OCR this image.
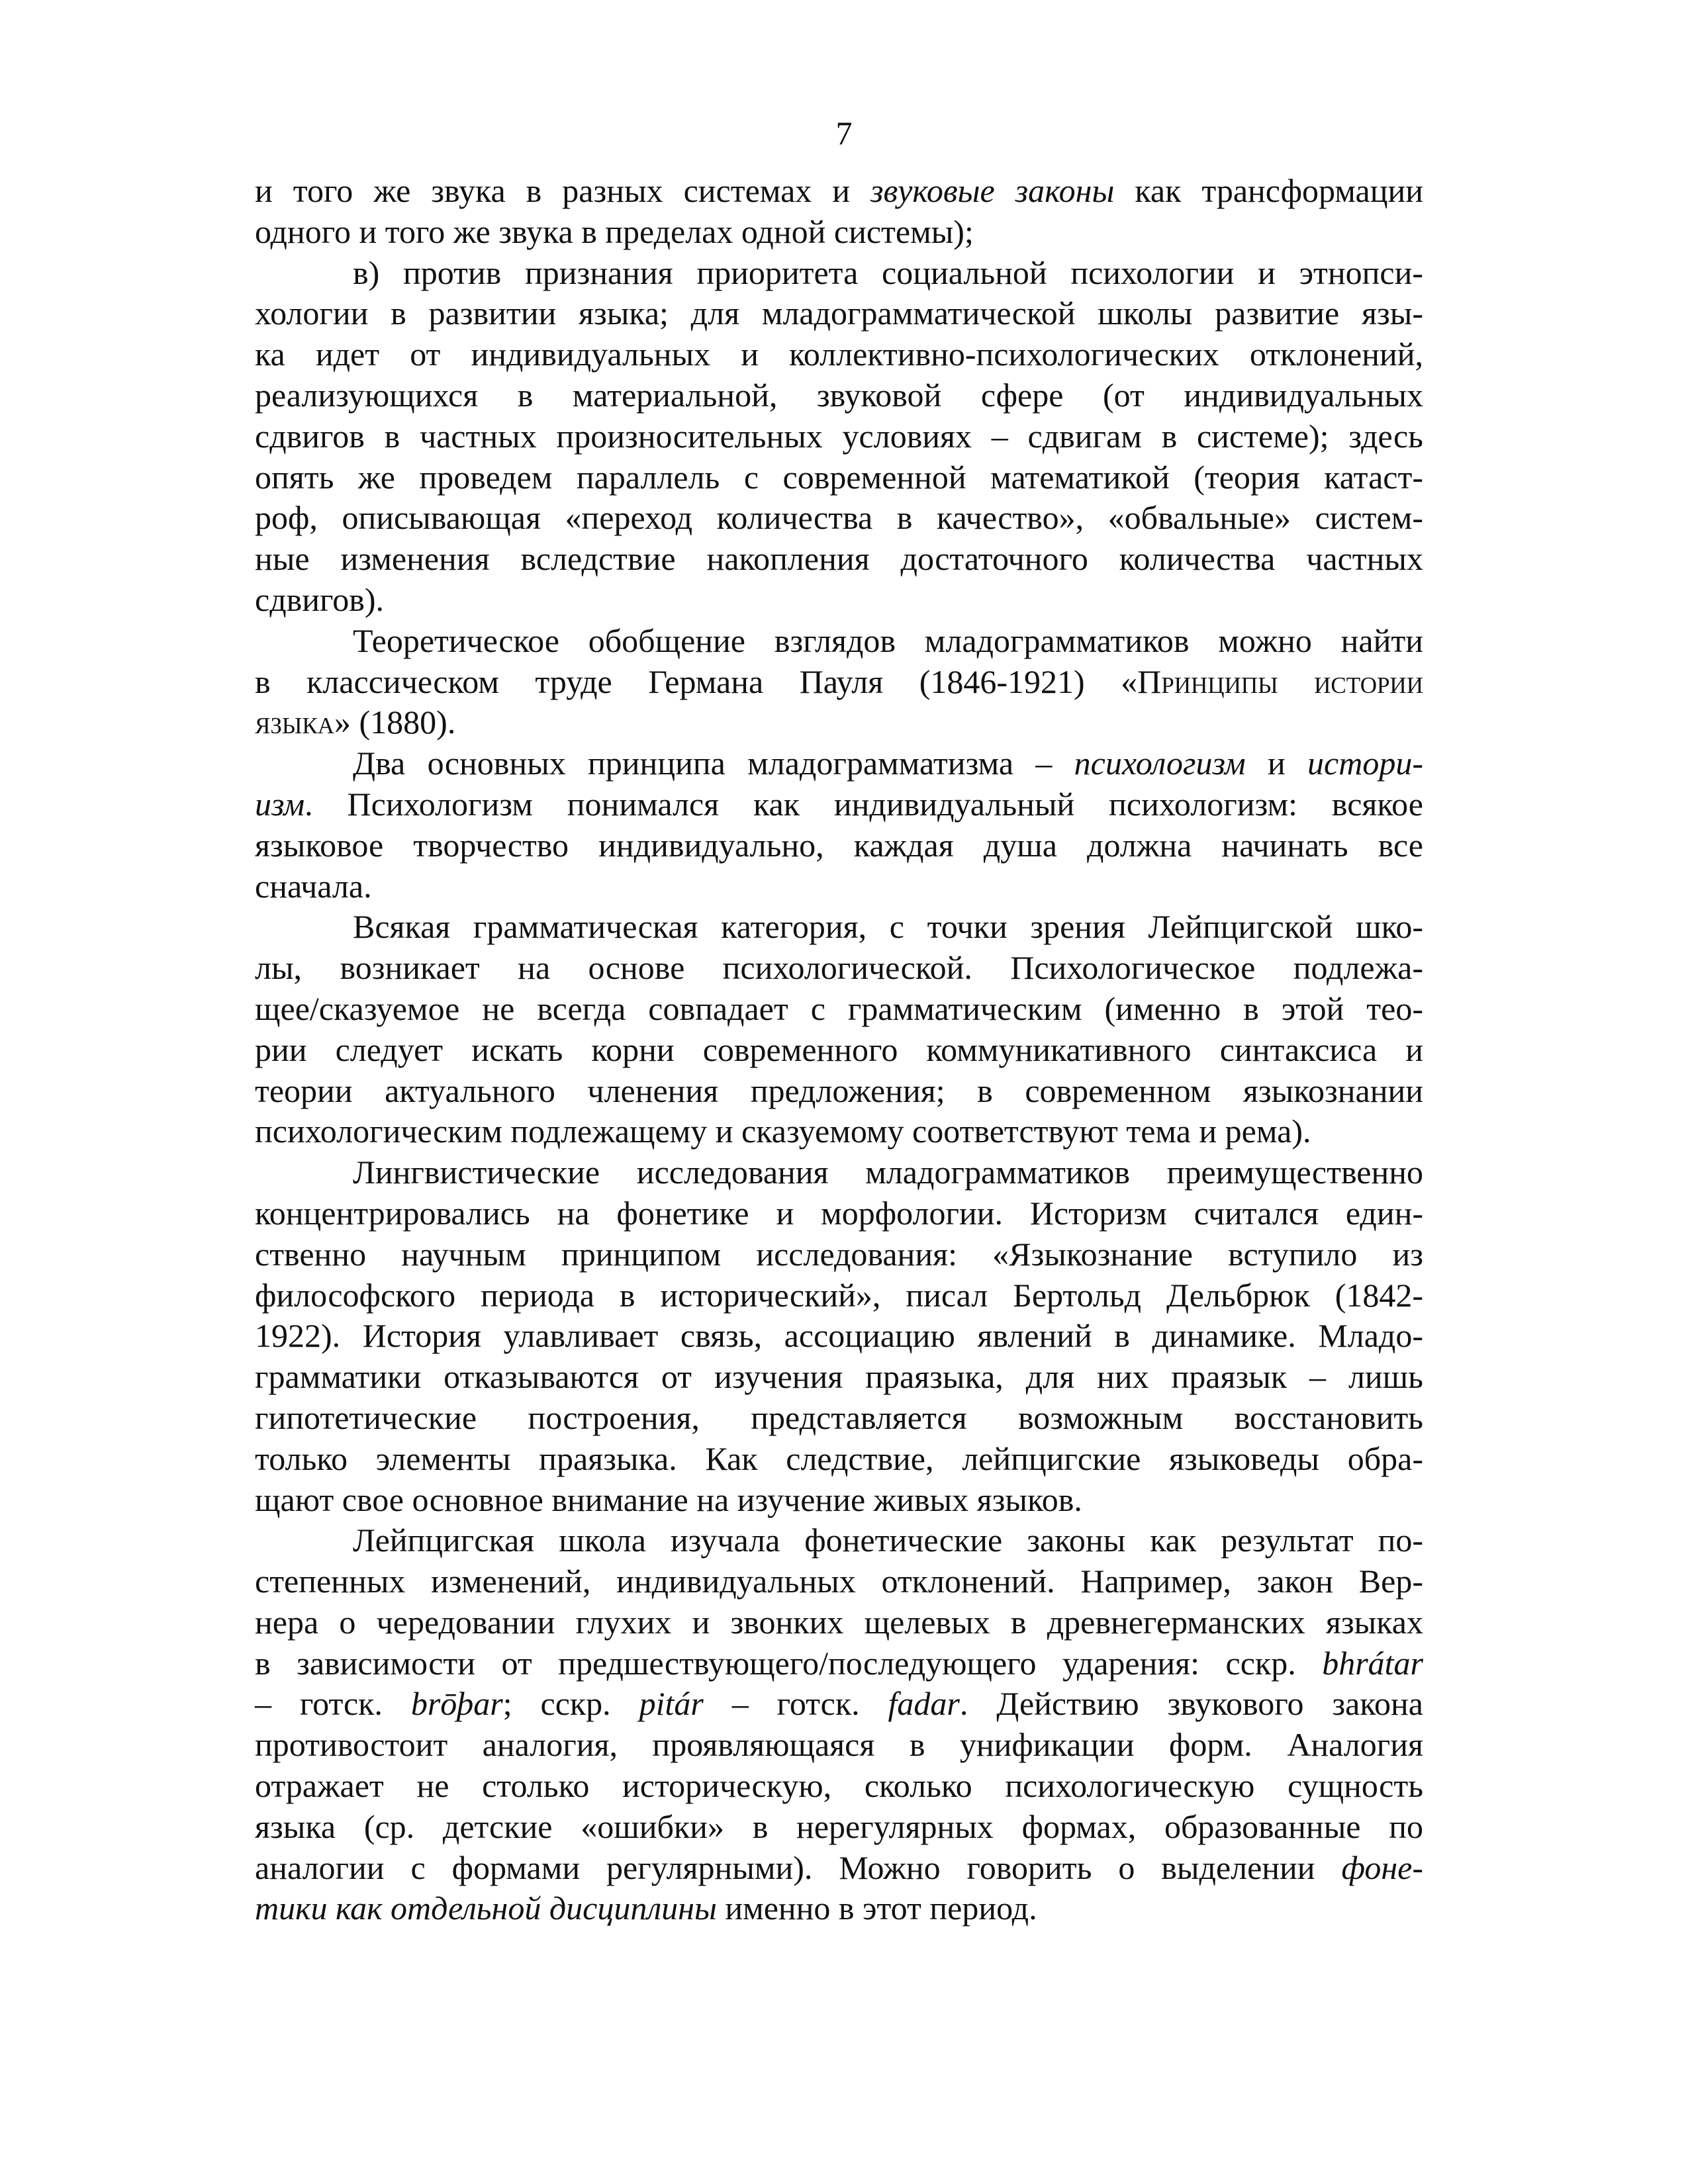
7

и того же звука в разных системах и звуковые законы как трансформации
одного и того же звука в пределах одной системы);

в) против признания приоритета социальной психологии и этнопси-
хологии в развитии языка; для младограмматической школы развитие язы-
ка идет от индивидуальных и коллективно-психологических отклонений,
реализующихся в материальной, звуковой сфере (от индивидуальных
сдвигов в частных произносительных условиях – сдвигам в системе); здесь
опять же проведем параллель с современной математикой (теория катаст-
роф, описывающая «переход количества в качество», «обвальные» систем-
ные изменения вследствие накопления достаточного количества частных
сдвигов).

Теоретическое обобщение взглядов младограмматиков можно найти
в классическом труде Германа Пауля (1846-1921) «Принципы истории
языка» (1880).

Два основных принципа младограмматизма – психологизм и истори-
изм. Психологизм понимался как индивидуальный психологизм: всякое
языковое творчество индивидуально, каждая душа должна начинать все
сначала.

Всякая грамматическая категория, с точки зрения Лейпцигской шко-
лы, возникает на основе психологической. Психологическое подлежа-
щее/сказуемое не всегда совпадает с грамматическим (именно в этой тео-
рии следует искать корни современного коммуникативного синтаксиса и
теории актуального членения предложения; в современном языкознании
психологическим подлежащему и сказуемому соответствуют тема и рема).

Лингвистические исследования младограмматиков преимущественно
концентрировались на фонетике и морфологии. Историзм считался един-
ственно научным принципом исследования: «Языкознание вступило из
философского периода в исторический», писал Бертольд Дельбрюк (1842-
1922). История улавливает связь, ассоциацию явлений в динамике. Младо-
грамматики отказываются от изучения праязыка, для них праязык – лишь
гипотетические построения, представляется возможным восстановить
только элементы праязыка. Как следствие, лейпцигские языковеды обра-
щают свое основное внимание на изучение живых языков.

Лейпцигская школа изучала фонетические законы как результат по-
степенных изменений, индивидуальных отклонений. Например, закон Вер-
нера о чередовании глухих и звонких щелевых в древнегерманских языках
в зависимости от предшествующего/последующего ударения: сскр. bhrátar
– готск. brōþar; сскр. pitár – готск. fadar. Действию звукового закона
противостоит аналогия, проявляющаяся в унификации форм. Аналогия
отражает не столько историческую, сколько психологическую сущность
языка (ср. детские «ошибки» в нерегулярных формах, образованные по
аналогии с формами регулярными). Можно говорить о выделении фоне-
тики как отдельной дисциплины именно в этот период.
